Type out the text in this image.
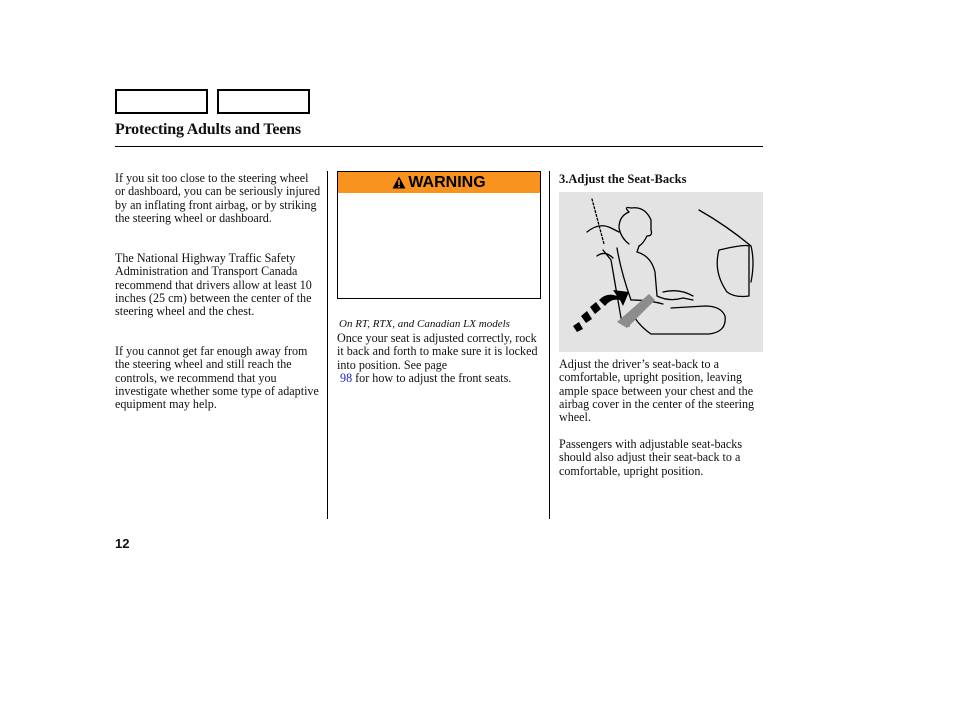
Protecting Adults and Teens

If you sit too close to the steering wheel or dashboard, you can be seriously injured by an inflating front airbag, or by striking the steering wheel or dashboard.

The National Highway Traffic Safety Administration and Transport Canada recommend that drivers allow at least 10 inches (25 cm) between the center of the steering wheel and the chest.

If you cannot get far enough away from the steering wheel and still reach the controls, we recommend that you investigate whether some type of adaptive equipment may help.

WARNING

On RT, RTX, and Canadian LX models

Once your seat is adjusted correctly, rock it back and forth to make sure it is locked into position. See page
98 for how to adjust the front seats.

3.Adjust the Seat-Backs

Adjust the driver’s seat-back to a comfortable, upright position, leaving ample space between your chest and the airbag cover in the center of the steering wheel.

Passengers with adjustable seat-backs should also adjust their seat-back to a comfortable, upright position.

12
